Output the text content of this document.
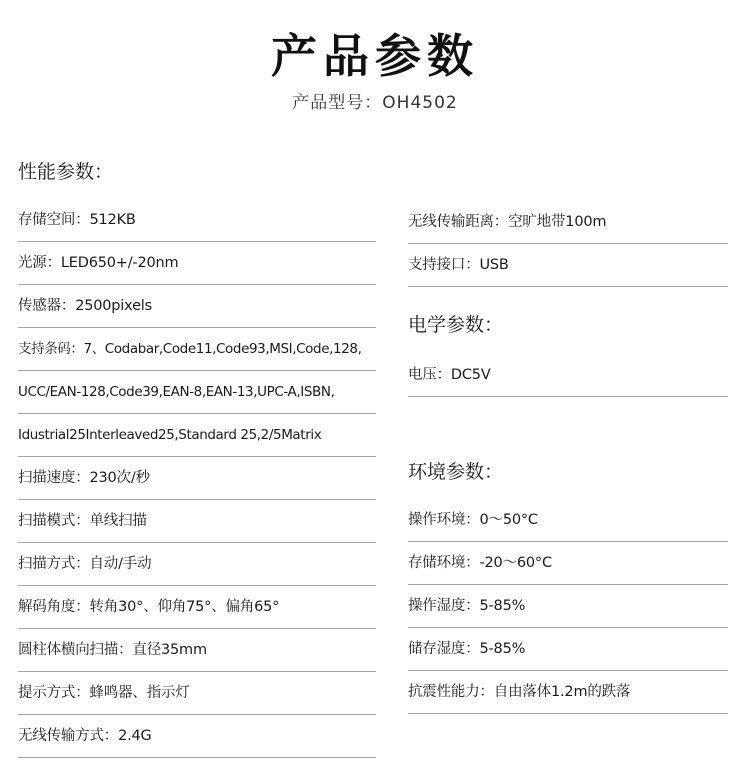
产品参数
产品型号：OH4502
性能参数：
存储空间：512KB
光源：LED650+/-20nm
传感器：2500pixels
支持条码：7、Codabar,Code11,Code93,MSI,Code,128,
UCC/EAN-128,Code39,EAN-8,EAN-13,UPC-A,ISBN,
Idustrial25Interleaved25,Standard 25,2/5Matrix
扫描速度：230次/秒
扫描模式：单线扫描
扫描方式：自动/手动
解码角度：转角30°、仰角75°、偏角65°
圆柱体横向扫描：直径35mm
提示方式：蜂鸣器、指示灯
无线传输方式：2.4G
无线传输距离：空旷地带100m
支持接口：USB
电学参数：
电压：DC5V
环境参数：
操作环境：0～50°C
存储环境：-20～60°C
操作湿度：5-85%
储存湿度：5-85%
抗震性能力：自由落体1.2m的跌落
